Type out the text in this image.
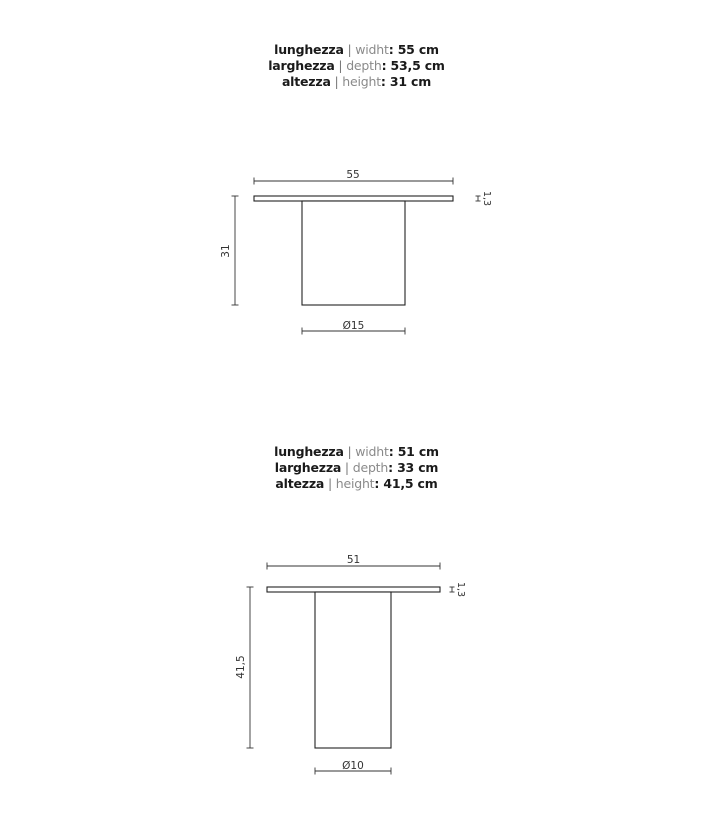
lunghezza | widht: 55 cm
larghezza | depth: 53,5 cm
altezza | height: 31 cm
55
31
1,3
Ø15
lunghezza | widht: 51 cm
larghezza | depth: 33 cm
altezza | height: 41,5 cm
51
41,5
1,3
Ø10
